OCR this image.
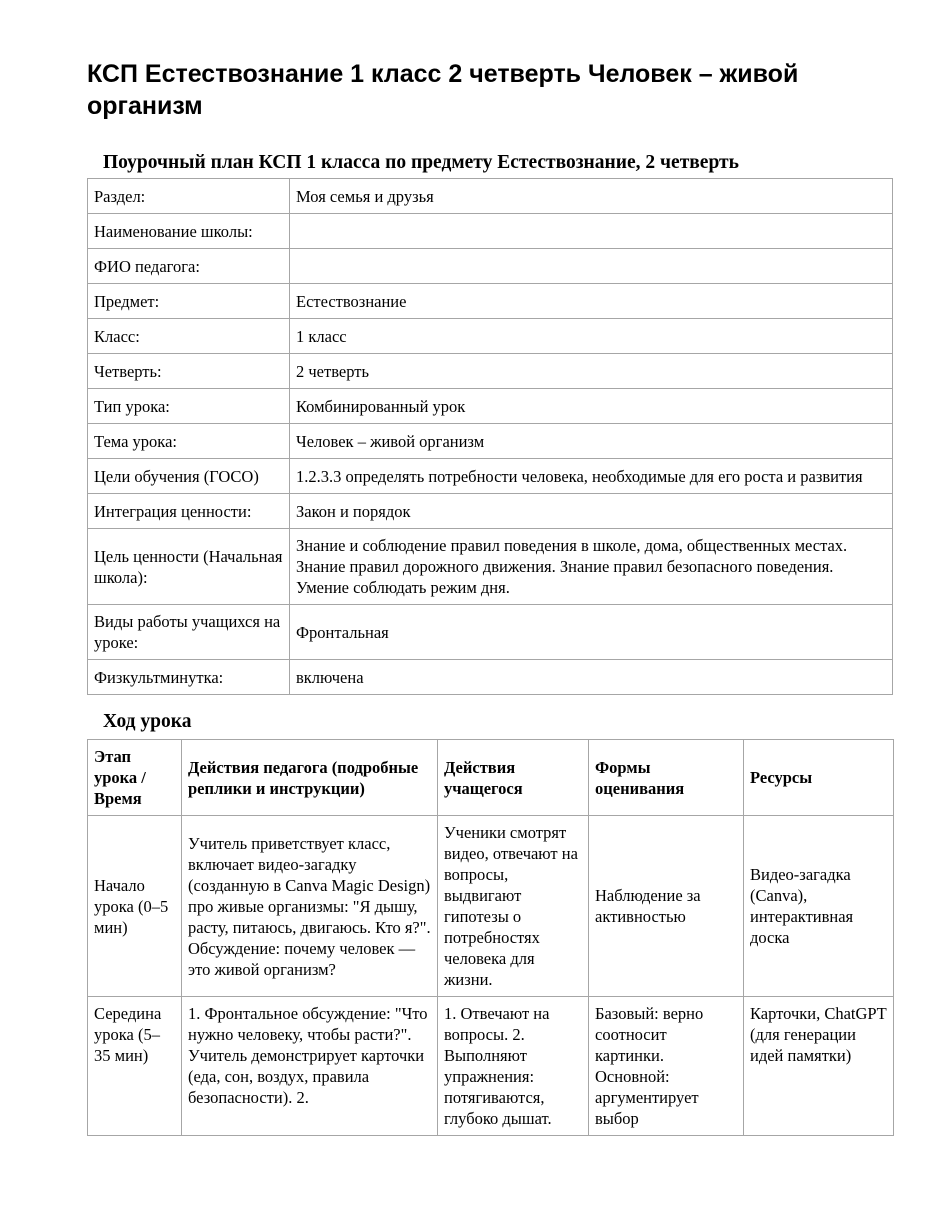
КСП Естествознание 1 класс 2 четверть Человек – живой организм
Поурочный план КСП 1 класса по предмету Естествознание, 2 четверть
Раздел:	Моя семья и друзья
Наименование школы:	
ФИО педагога:	
Предмет:	Естествознание
Класс:	1 класс
Четверть:	2 четверть
Тип урока:	Комбинированный урок
Тема урока:	Человек – живой организм
Цели обучения (ГОСО)	1.2.3.3 определять потребности человека, необходимые для его роста и развития
Интеграция ценности:	Закон и порядок
Цель ценности (Начальная школа):	Знание и соблюдение правил поведения в школе, дома, общественных местах. Знание правил дорожного движения. Знание правил безопасного поведения. Умение соблюдать режим дня.
Виды работы учащихся на уроке:	Фронтальная
Физкультминутка:	включена
Ход урока
Этап урока / Время	Действия педагога (подробные реплики и инструкции)	Действия учащегося	Формы оценивания	Ресурсы
Начало урока (0–5 мин)	Учитель приветствует класс, включает видео-загадку (созданную в Canva Magic Design) про живые организмы: "Я дышу, расту, питаюсь, двигаюсь. Кто я?". Обсуждение: почему человек — это живой организм?	Ученики смотрят видео, отвечают на вопросы, выдвигают гипотезы о потребностях человека для жизни.	Наблюдение за активностью	Видео-загадка (Canva), интерактивная доска
Середина урока (5–35 мин)	1. Фронтальное обсуждение: "Что нужно человеку, чтобы расти?". Учитель демонстрирует карточки (еда, сон, воздух, правила безопасности). 2.	1. Отвечают на вопросы. 2. Выполняют упражнения: потягиваются, глубоко дышат.	Базовый: верно соотносит картинки. Основной: аргументирует выбор	Карточки, ChatGPT (для генерации идей памятки)
